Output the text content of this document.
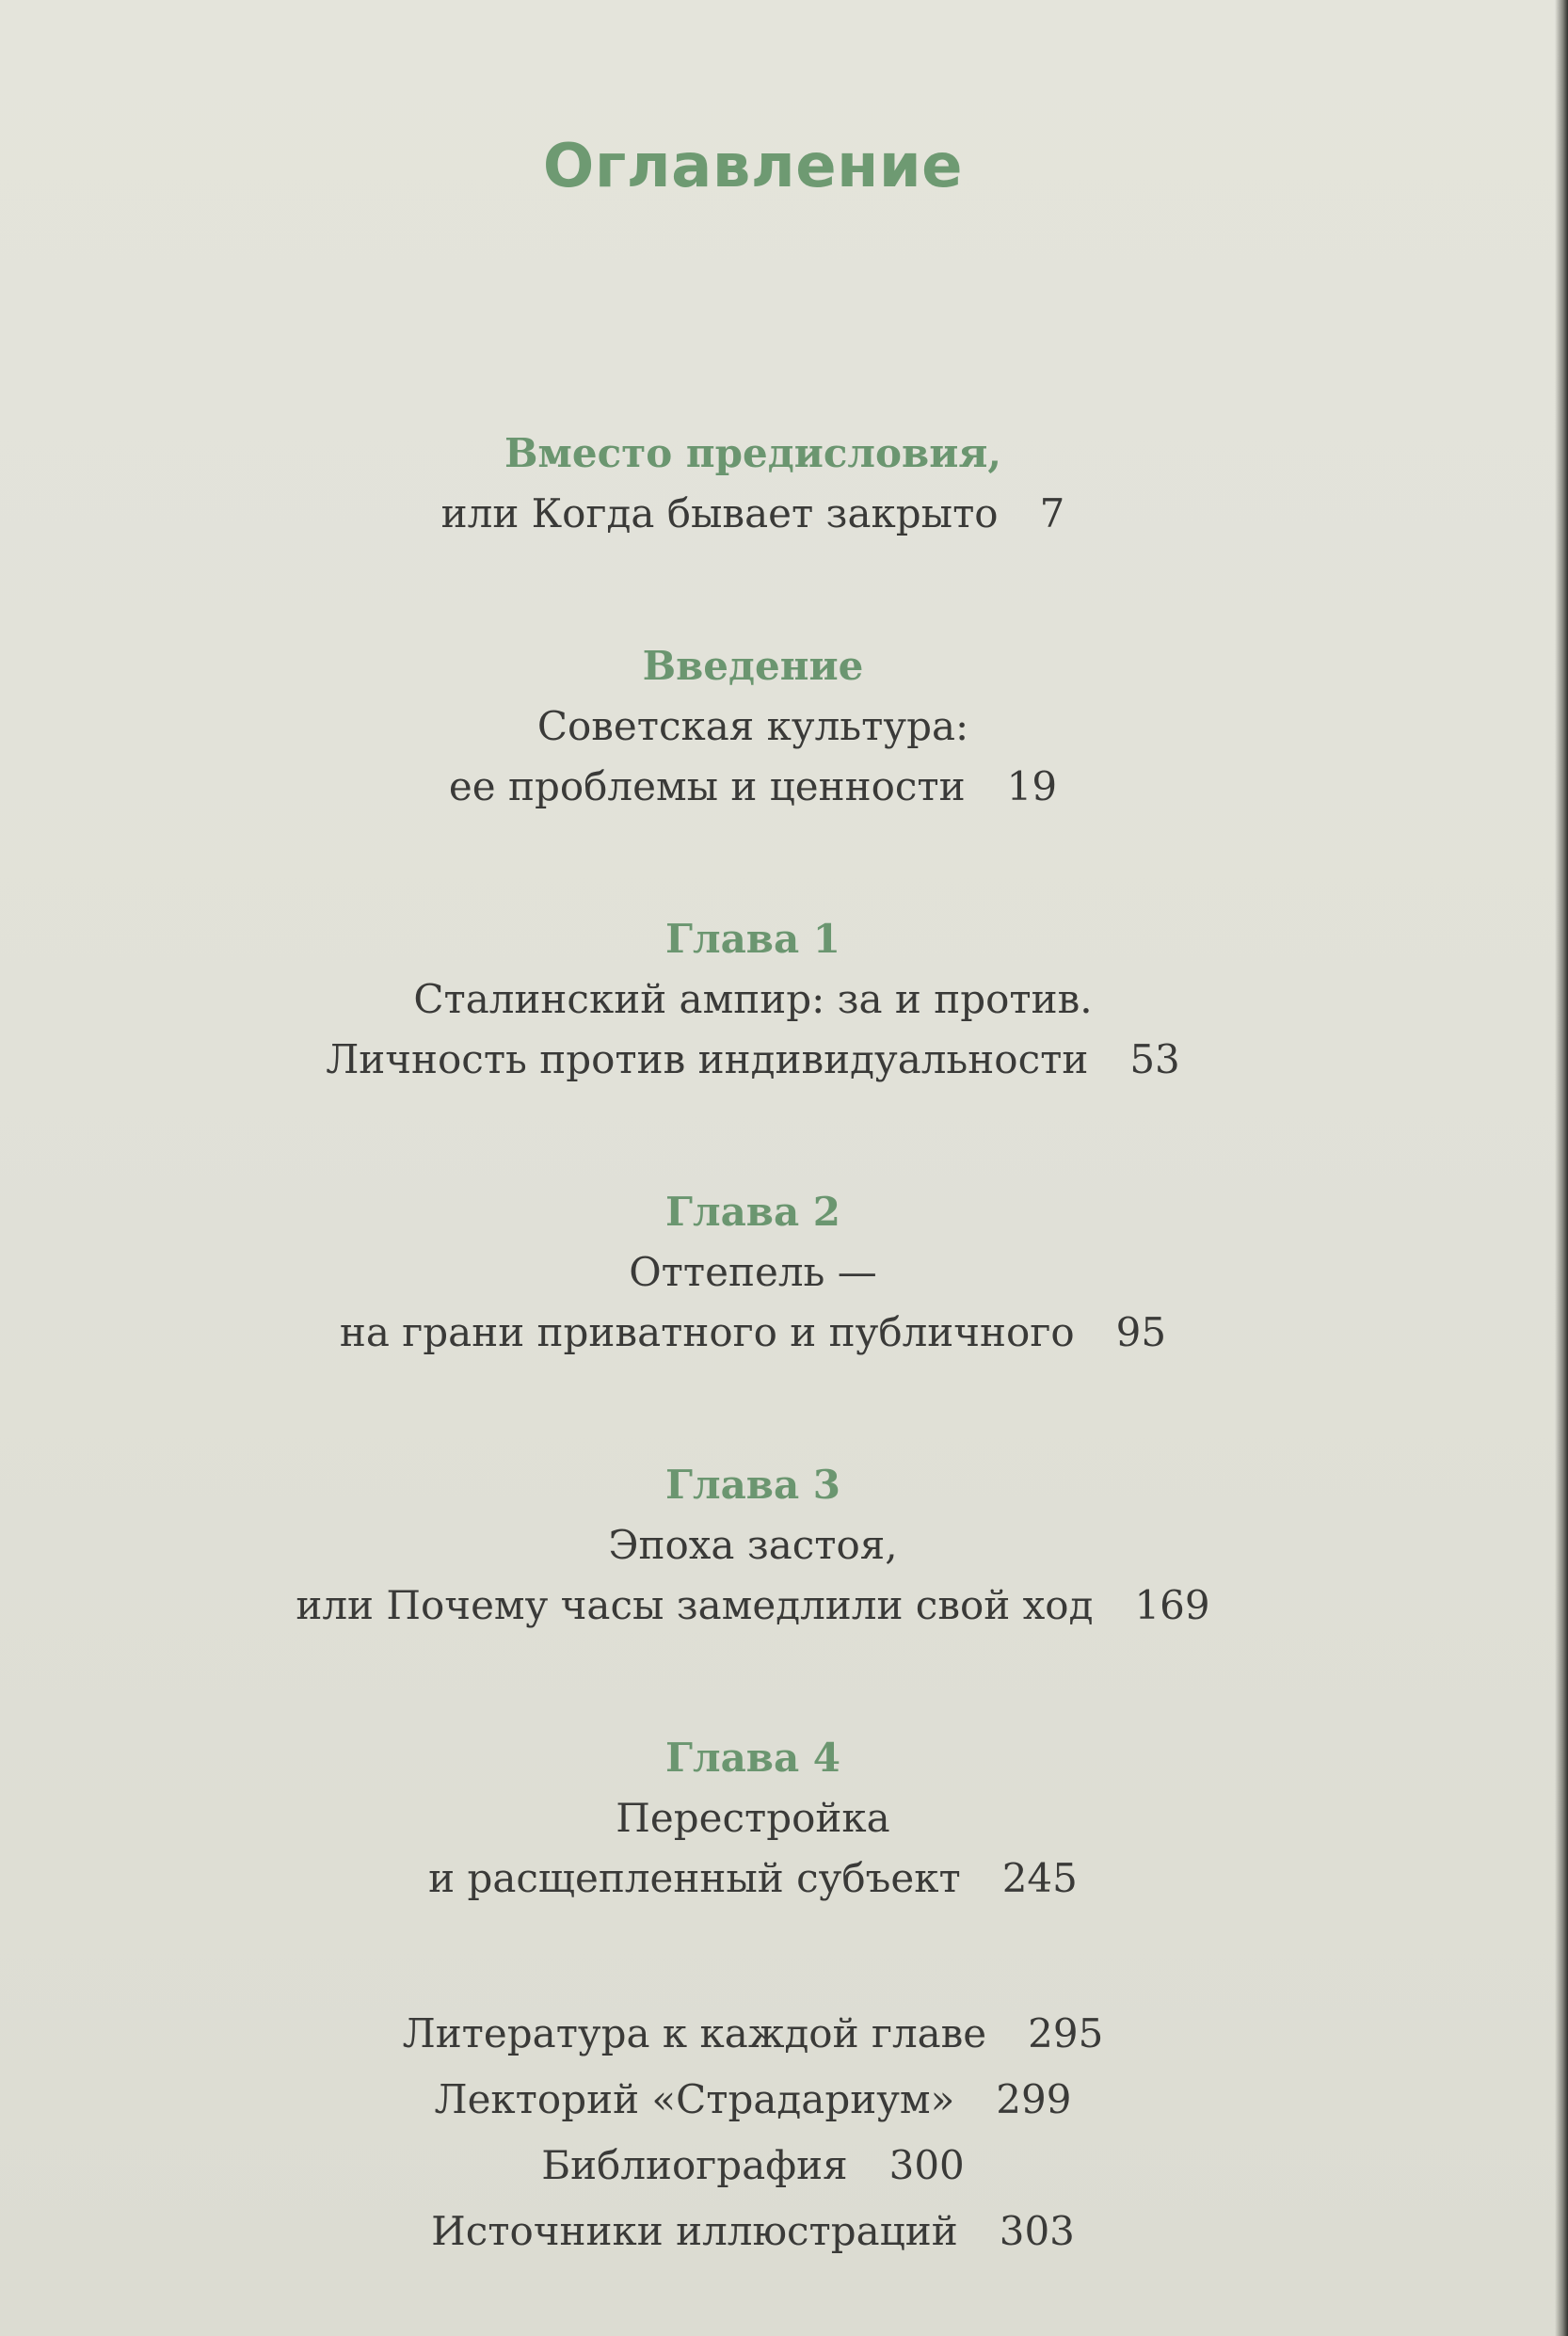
Оглавление
Вместо предисловия,
или Когда бывает закрыто 7
Введение
Советская культура:
ее проблемы и ценности 19
Глава 1
Сталинский ампир: за и против.
Личность против индивидуальности 53
Глава 2
Оттепель —
на грани приватного и публичного 95
Глава 3
Эпоха застоя,
или Почему часы замедлили свой ход 169
Глава 4
Перестройка
и расщепленный субъект 245
Литература к каждой главе 295
Лекторий «Страдариум» 299
Библиография 300
Источники иллюстраций 303
